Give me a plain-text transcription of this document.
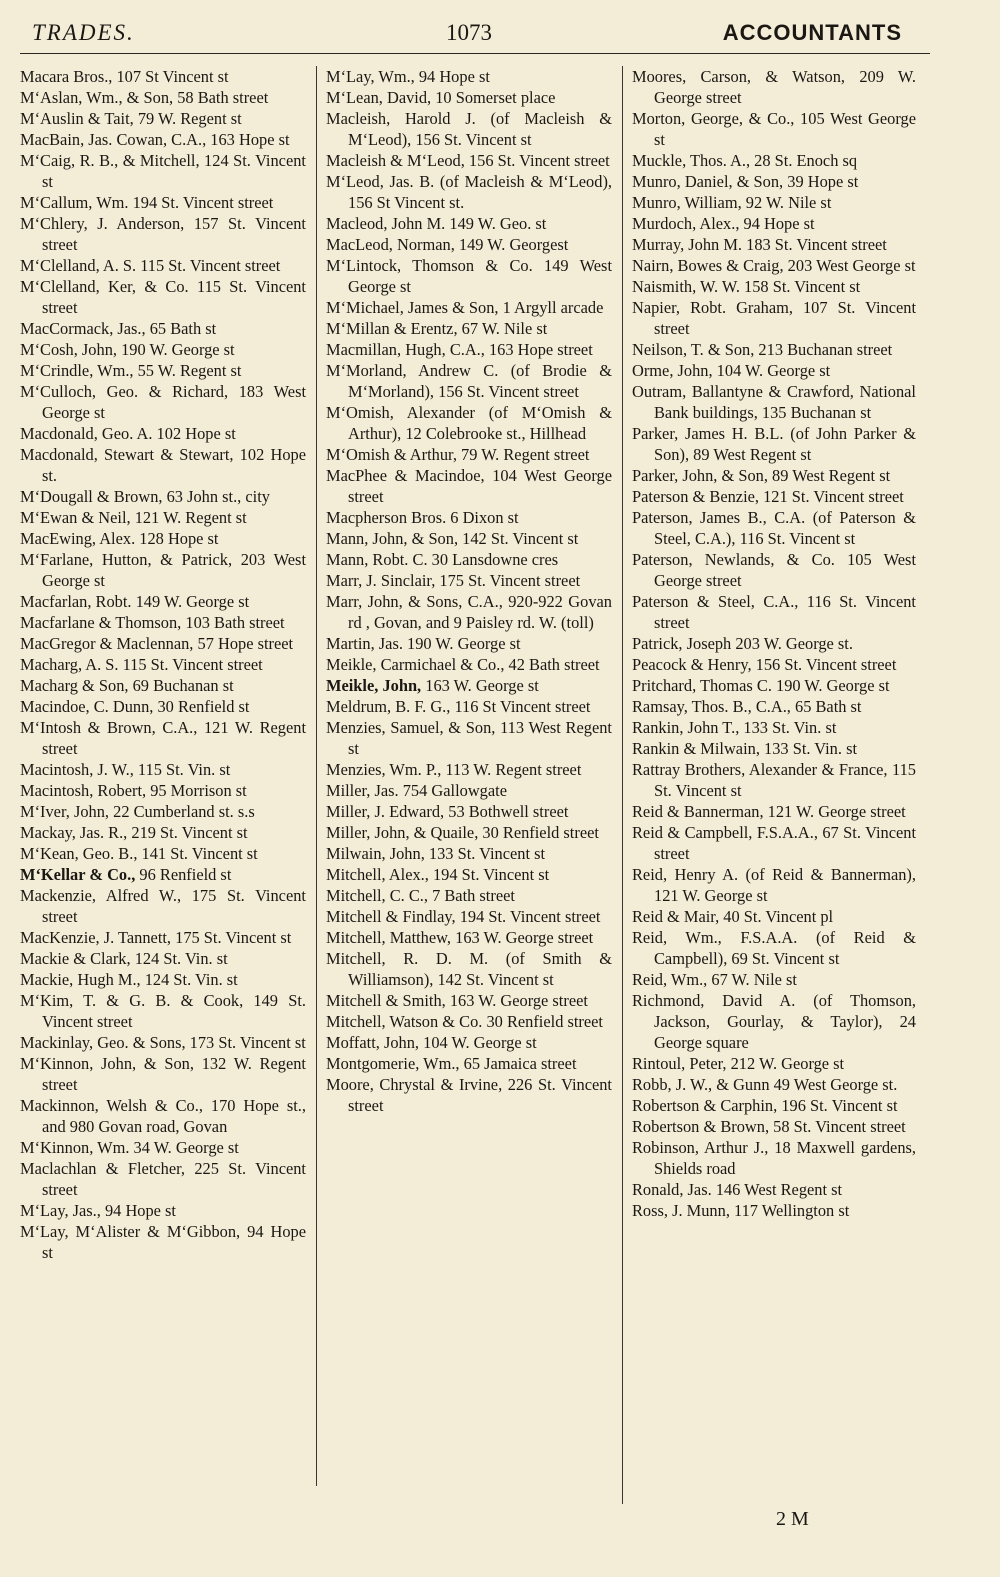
TRADES.	1073	ACCOUNTANTS
Macara Bros., 107 St Vincent st
M‘Aslan, Wm., & Son, 58 Bath street
M‘Auslin & Tait, 79 W. Regent st
MacBain, Jas. Cowan, C.A., 163 Hope st
M‘Caig, R. B., & Mitchell, 124 St. Vincent st
M‘Callum, Wm. 194 St. Vincent street
M‘Chlery, J. Anderson, 157 St. Vincent street
M‘Clelland, A. S. 115 St. Vincent street
M‘Clelland, Ker, & Co. 115 St. Vincent street
MacCormack, Jas., 65 Bath st
M‘Cosh, John, 190 W. George st
M‘Crindle, Wm., 55 W. Regent st
M‘Culloch, Geo. & Richard, 183 West George st
Macdonald, Geo. A. 102 Hope st
Macdonald, Stewart & Stewart, 102 Hope st.
M‘Dougall & Brown, 63 John st., city
M‘Ewan & Neil, 121 W. Regent st
MacEwing, Alex. 128 Hope st
M‘Farlane, Hutton, & Patrick, 203 West George st
Macfarlan, Robt. 149 W. George st
Macfarlane & Thomson, 103 Bath street
MacGregor & Maclennan, 57 Hope street
Macharg, A. S. 115 St. Vincent street
Macharg & Son, 69 Buchanan st
Macindoe, C. Dunn, 30 Renfield st
M‘Intosh & Brown, C.A., 121 W. Regent street
Macintosh, J. W., 115 St. Vin. st
Macintosh, Robert, 95 Morrison st
M‘Iver, John, 22 Cumberland st. s.s
Mackay, Jas. R., 219 St. Vincent st
M‘Kean, Geo. B., 141 St. Vincent st
M‘Kellar & Co., 96 Renfield st
Mackenzie, Alfred W., 175 St. Vincent street
MacKenzie, J. Tannett, 175 St. Vincent st
Mackie & Clark, 124 St. Vin. st
Mackie, Hugh M., 124 St. Vin. st
M‘Kim, T. & G. B. & Cook, 149 St. Vincent street
Mackinlay, Geo. & Sons, 173 St. Vincent st
M‘Kinnon, John, & Son, 132 W. Regent street
Mackinnon, Welsh & Co., 170 Hope st., and 980 Govan road, Govan
M‘Kinnon, Wm. 34 W. George st
Maclachlan & Fletcher, 225 St. Vincent street
M‘Lay, Jas., 94 Hope st
M‘Lay, M‘Alister & M‘Gibbon, 94 Hope st
M‘Lay, Wm., 94 Hope st
M‘Lean, David, 10 Somerset place
Macleish, Harold J. (of Macleish & M‘Leod), 156 St. Vincent st
Macleish & M‘Leod, 156 St. Vincent street
M‘Leod, Jas. B. (of Macleish & M‘Leod), 156 St Vincent st.
Macleod, John M. 149 W. Geo. st
MacLeod, Norman, 149 W. Georgest
M‘Lintock, Thomson & Co. 149 West George st
M‘Michael, James & Son, 1 Argyll arcade
M‘Millan & Erentz, 67 W. Nile st
Macmillan, Hugh, C.A., 163 Hope street
M‘Morland, Andrew C. (of Brodie & M‘Morland), 156 St. Vincent street
M‘Omish, Alexander (of M‘Omish & Arthur), 12 Colebrooke st., Hillhead
M‘Omish & Arthur, 79 W. Regent street
MacPhee & Macindoe, 104 West George street
Macpherson Bros. 6 Dixon st
Mann, John, & Son, 142 St. Vincent st
Mann, Robt. C. 30 Lansdowne cres
Marr, J. Sinclair, 175 St. Vincent street
Marr, John, & Sons, C.A., 920-922 Govan rd , Govan, and 9 Paisley rd. W. (toll)
Martin, Jas. 190 W. George st
Meikle, Carmichael & Co., 42 Bath street
Meikle, John, 163 W. George st
Meldrum, B. F. G., 116 St Vincent street
Menzies, Samuel, & Son, 113 West Regent st
Menzies, Wm. P., 113 W. Regent street
Miller, Jas. 754 Gallowgate
Miller, J. Edward, 53 Bothwell street
Miller, John, & Quaile, 30 Renfield street
Milwain, John, 133 St. Vincent st
Mitchell, Alex., 194 St. Vincent st
Mitchell, C. C., 7 Bath street
Mitchell & Findlay, 194 St. Vincent street
Mitchell, Matthew, 163 W. George street
Mitchell, R. D. M. (of Smith & Williamson), 142 St. Vincent st
Mitchell & Smith, 163 W. George street
Mitchell, Watson & Co. 30 Renfield street
Moffatt, John, 104 W. George st
Montgomerie, Wm., 65 Jamaica street
Moore, Chrystal & Irvine, 226 St. Vincent street
Moores, Carson, & Watson, 209 W. George street
Morton, George, & Co., 105 West George st
Muckle, Thos. A., 28 St. Enoch sq
Munro, Daniel, & Son, 39 Hope st
Munro, William, 92 W. Nile st
Murdoch, Alex., 94 Hope st
Murray, John M. 183 St. Vincent street
Nairn, Bowes & Craig, 203 West George st
Naismith, W. W. 158 St. Vincent st
Napier, Robt. Graham, 107 St. Vincent street
Neilson, T. & Son, 213 Buchanan street
Orme, John, 104 W. George st
Outram, Ballantyne & Crawford, National Bank buildings, 135 Buchanan st
Parker, James H. B.L. (of John Parker & Son), 89 West Regent st
Parker, John, & Son, 89 West Regent st
Paterson & Benzie, 121 St. Vincent street
Paterson, James B., C.A. (of Paterson & Steel, C.A.), 116 St. Vincent st
Paterson, Newlands, & Co. 105 West George street
Paterson & Steel, C.A., 116 St. Vincent street
Patrick, Joseph 203 W. George st.
Peacock & Henry, 156 St. Vincent street
Pritchard, Thomas C. 190 W. George st
Ramsay, Thos. B., C.A., 65 Bath st
Rankin, John T., 133 St. Vin. st
Rankin & Milwain, 133 St. Vin. st
Rattray Brothers, Alexander & France, 115 St. Vincent st
Reid & Bannerman, 121 W. George street
Reid & Campbell, F.S.A.A., 67 St. Vincent street
Reid, Henry A. (of Reid & Bannerman), 121 W. George st
Reid & Mair, 40 St. Vincent pl
Reid, Wm., F.S.A.A. (of Reid & Campbell), 69 St. Vincent st
Reid, Wm., 67 W. Nile st
Richmond, David A. (of Thomson, Jackson, Gourlay, & Taylor), 24 George square
Rintoul, Peter, 212 W. George st
Robb, J. W., & Gunn 49 West George st.
Robertson & Carphin, 196 St. Vincent st
Robertson & Brown, 58 St. Vincent street
Robinson, Arthur J., 18 Maxwell gardens, Shields road
Ronald, Jas. 146 West Regent st
Ross, J. Munn, 117 Wellington st
2 M
